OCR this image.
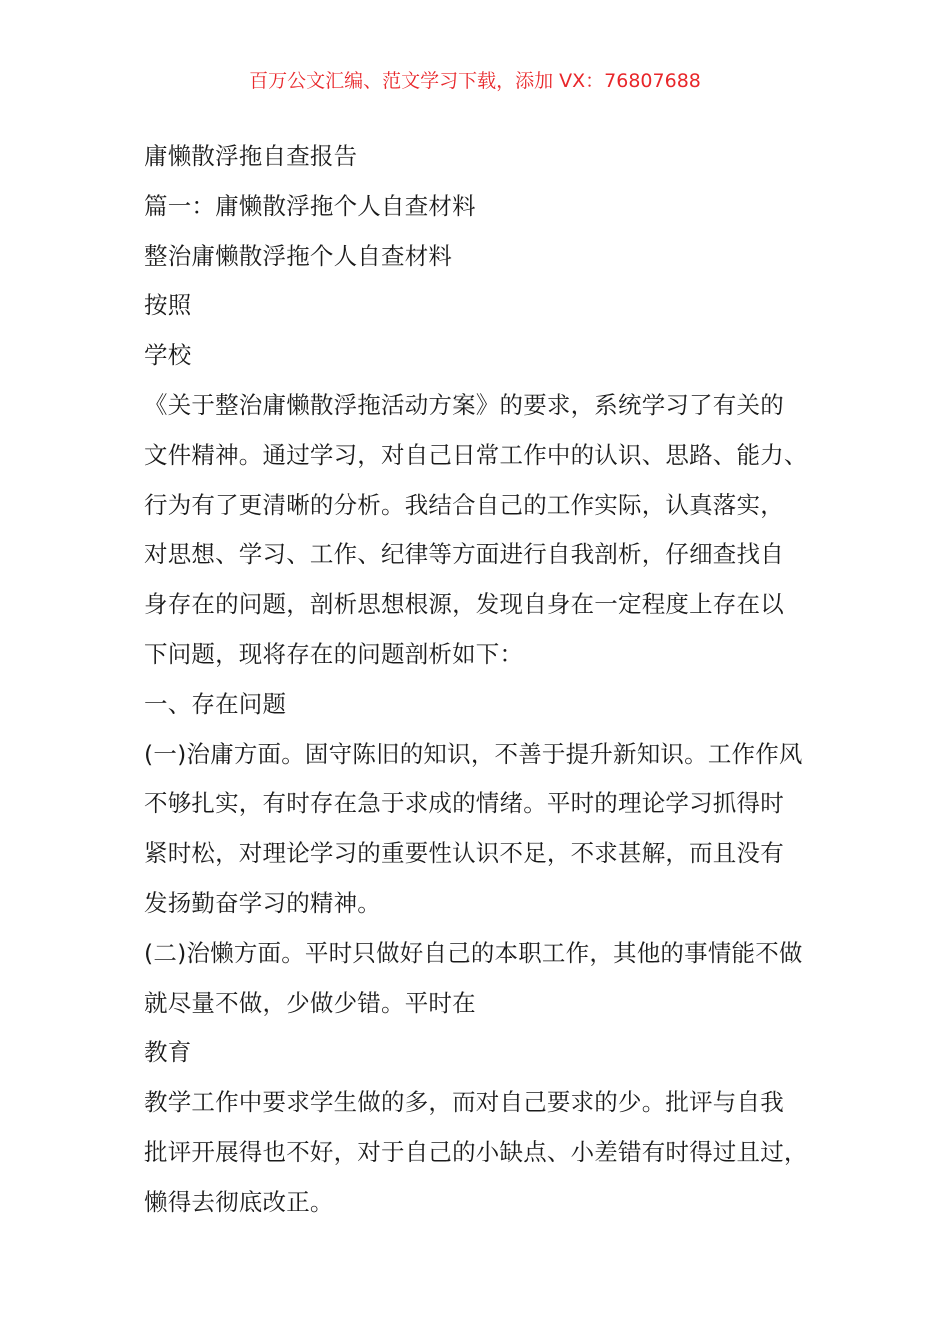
百万公文汇编、范文学习下载，添加 VX：76807688
庸懒散浮拖自查报告
篇一：庸懒散浮拖个人自查材料
整治庸懒散浮拖个人自查材料
按照
学校
《关于整治庸懒散浮拖活动方案》的要求，系统学习了有关的
文件精神。通过学习，对自己日常工作中的认识、思路、能力、
行为有了更清晰的分析。我结合自己的工作实际，认真落实，
对思想、学习、工作、纪律等方面进行自我剖析，仔细查找自
身存在的问题，剖析思想根源，发现自身在一定程度上存在以
下问题，现将存在的问题剖析如下：
一、存在问题
(一)治庸方面。固守陈旧的知识，不善于提升新知识。工作作风
不够扎实，有时存在急于求成的情绪。平时的理论学习抓得时
紧时松，对理论学习的重要性认识不足，不求甚解，而且没有
发扬勤奋学习的精神。
(二)治懒方面。平时只做好自己的本职工作，其他的事情能不做
就尽量不做，少做少错。平时在
教育
教学工作中要求学生做的多，而对自己要求的少。批评与自我
批评开展得也不好，对于自己的小缺点、小差错有时得过且过，
懒得去彻底改正。
